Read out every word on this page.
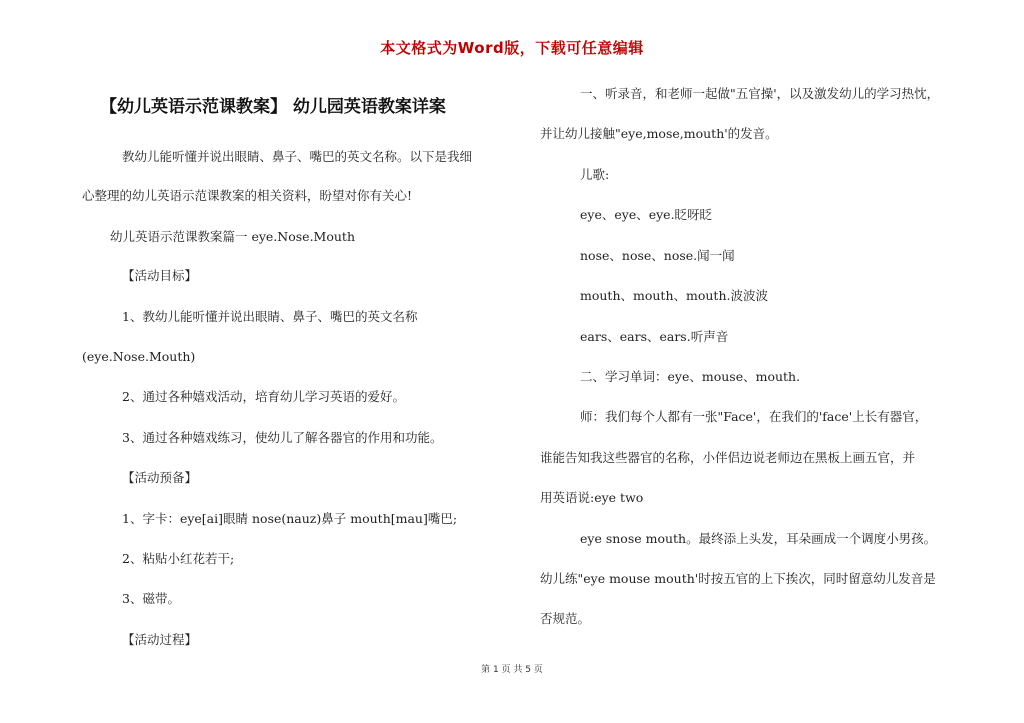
本文格式为Word版，下载可任意编辑
【幼儿英语示范课教案】 幼儿园英语教案详案
教幼儿能听懂并说出眼睛、鼻子、嘴巴的英文名称。以下是我细
心整理的幼儿英语示范课教案的相关资料，盼望对你有关心!
幼儿英语示范课教案篇一 eye.Nose.Mouth
【活动目标】
1、教幼儿能听懂并说出眼睛、鼻子、嘴巴的英文名称
(eye.Nose.Mouth)
2、通过各种嬉戏活动，培育幼儿学习英语的爱好。
3、通过各种嬉戏练习，使幼儿了解各器官的作用和功能。
【活动预备】
1、字卡：eye[ai]眼睛 nose(nauz)鼻子 mouth[mau]嘴巴;
2、粘贴小红花若干;
3、磁带。
【活动过程】
一、听录音，和老师一起做"五官操'，以及激发幼儿的学习热忱，
并让幼儿接触"eye,mose,mouth'的发音。
儿歌:
eye、eye、eye.眨呀眨
nose、nose、nose.闻一闻
mouth、mouth、mouth.波波波
ears、ears、ears.听声音
二、学习单词：eye、mouse、mouth.
师：我们每个人都有一张"Face'，在我们的'face'上长有器官，
谁能告知我这些器官的名称，小伴侣边说老师边在黑板上画五官，并
用英语说:eye two
eye snose mouth。最终添上头发，耳朵画成一个调度小男孩。
幼儿练"eye mouse mouth'时按五官的上下挨次，同时留意幼儿发音是
否规范。
第 1 页 共 5 页
